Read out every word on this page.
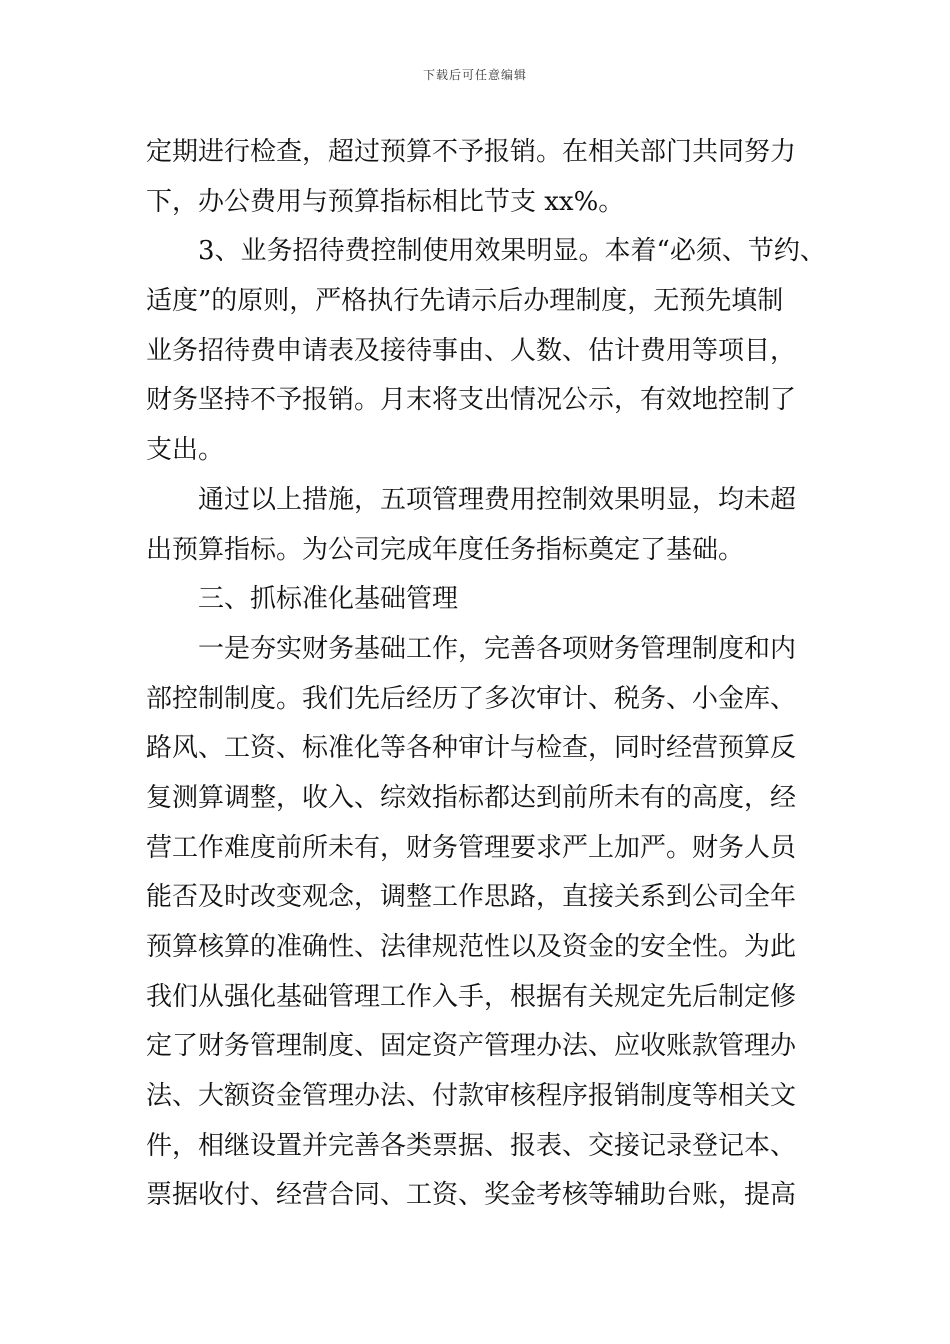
下载后可任意编辑
定期进行检查，超过预算不予报销。在相关部门共同努力
下，办公费用与预算指标相比节支 xx%。
3、业务招待费控制使用效果明显。本着“必须、节约、
适度”的原则，严格执行先请示后办理制度，无预先填制
业务招待费申请表及接待事由、人数、估计费用等项目，
财务坚持不予报销。月末将支出情况公示，有效地控制了
支出。
通过以上措施，五项管理费用控制效果明显，均未超
出预算指标。为公司完成年度任务指标奠定了基础。
三、抓标准化基础管理
一是夯实财务基础工作，完善各项财务管理制度和内
部控制制度。我们先后经历了多次审计、税务、小金库、
路风、工资、标准化等各种审计与检查，同时经营预算反
复测算调整，收入、综效指标都达到前所未有的高度，经
营工作难度前所未有，财务管理要求严上加严。财务人员
能否及时改变观念，调整工作思路，直接关系到公司全年
预算核算的准确性、法律规范性以及资金的安全性。为此
我们从强化基础管理工作入手，根据有关规定先后制定修
定了财务管理制度、固定资产管理办法、应收账款管理办
法、大额资金管理办法、付款审核程序报销制度等相关文
件，相继设置并完善各类票据、报表、交接记录登记本、
票据收付、经营合同、工资、奖金考核等辅助台账，提高
